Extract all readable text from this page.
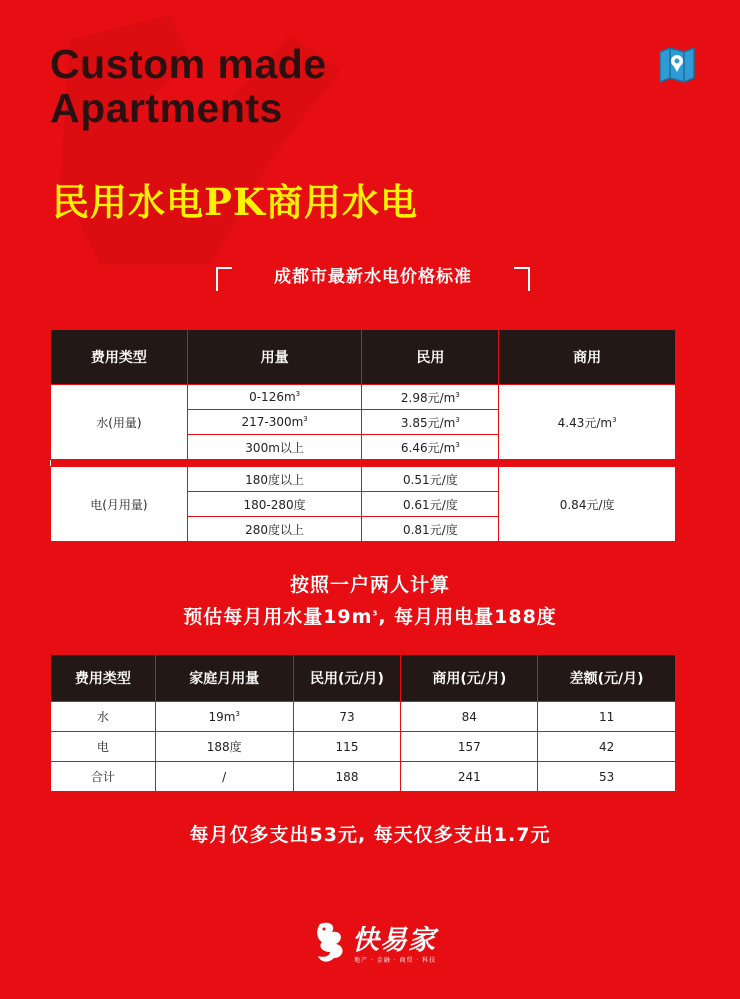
Custom made
Apartments
民用水电PK商用水电
成都市最新水电价格标准
费用类型	用量	民用	商用
水(用量)	$0-126m^3$	2.98元$/m^3$	4.43元$/m^3$
	$217-300m^3$	3.85元$/m^3$
	300m以上	6.46元$/m^3$

电(月用量)	180度以上	0.51元/度	0.84元/度
	180-280度	0.61元/度	
	280度以上	0.81元/度	
按照一户两人计算
预估每月用水量$19m^3$, 每月用电量188度
费用类型	家庭月用量	民用(元/月)	商用(元/月)	差额(元/月)
水	$19m^3$	73	84	11
电	188度	115	157	42
合计	/	188	241	53
每月仅多支出53元, 每天仅多支出1.7元
快易家
地产 · 金融 · 商贸 · 科技
